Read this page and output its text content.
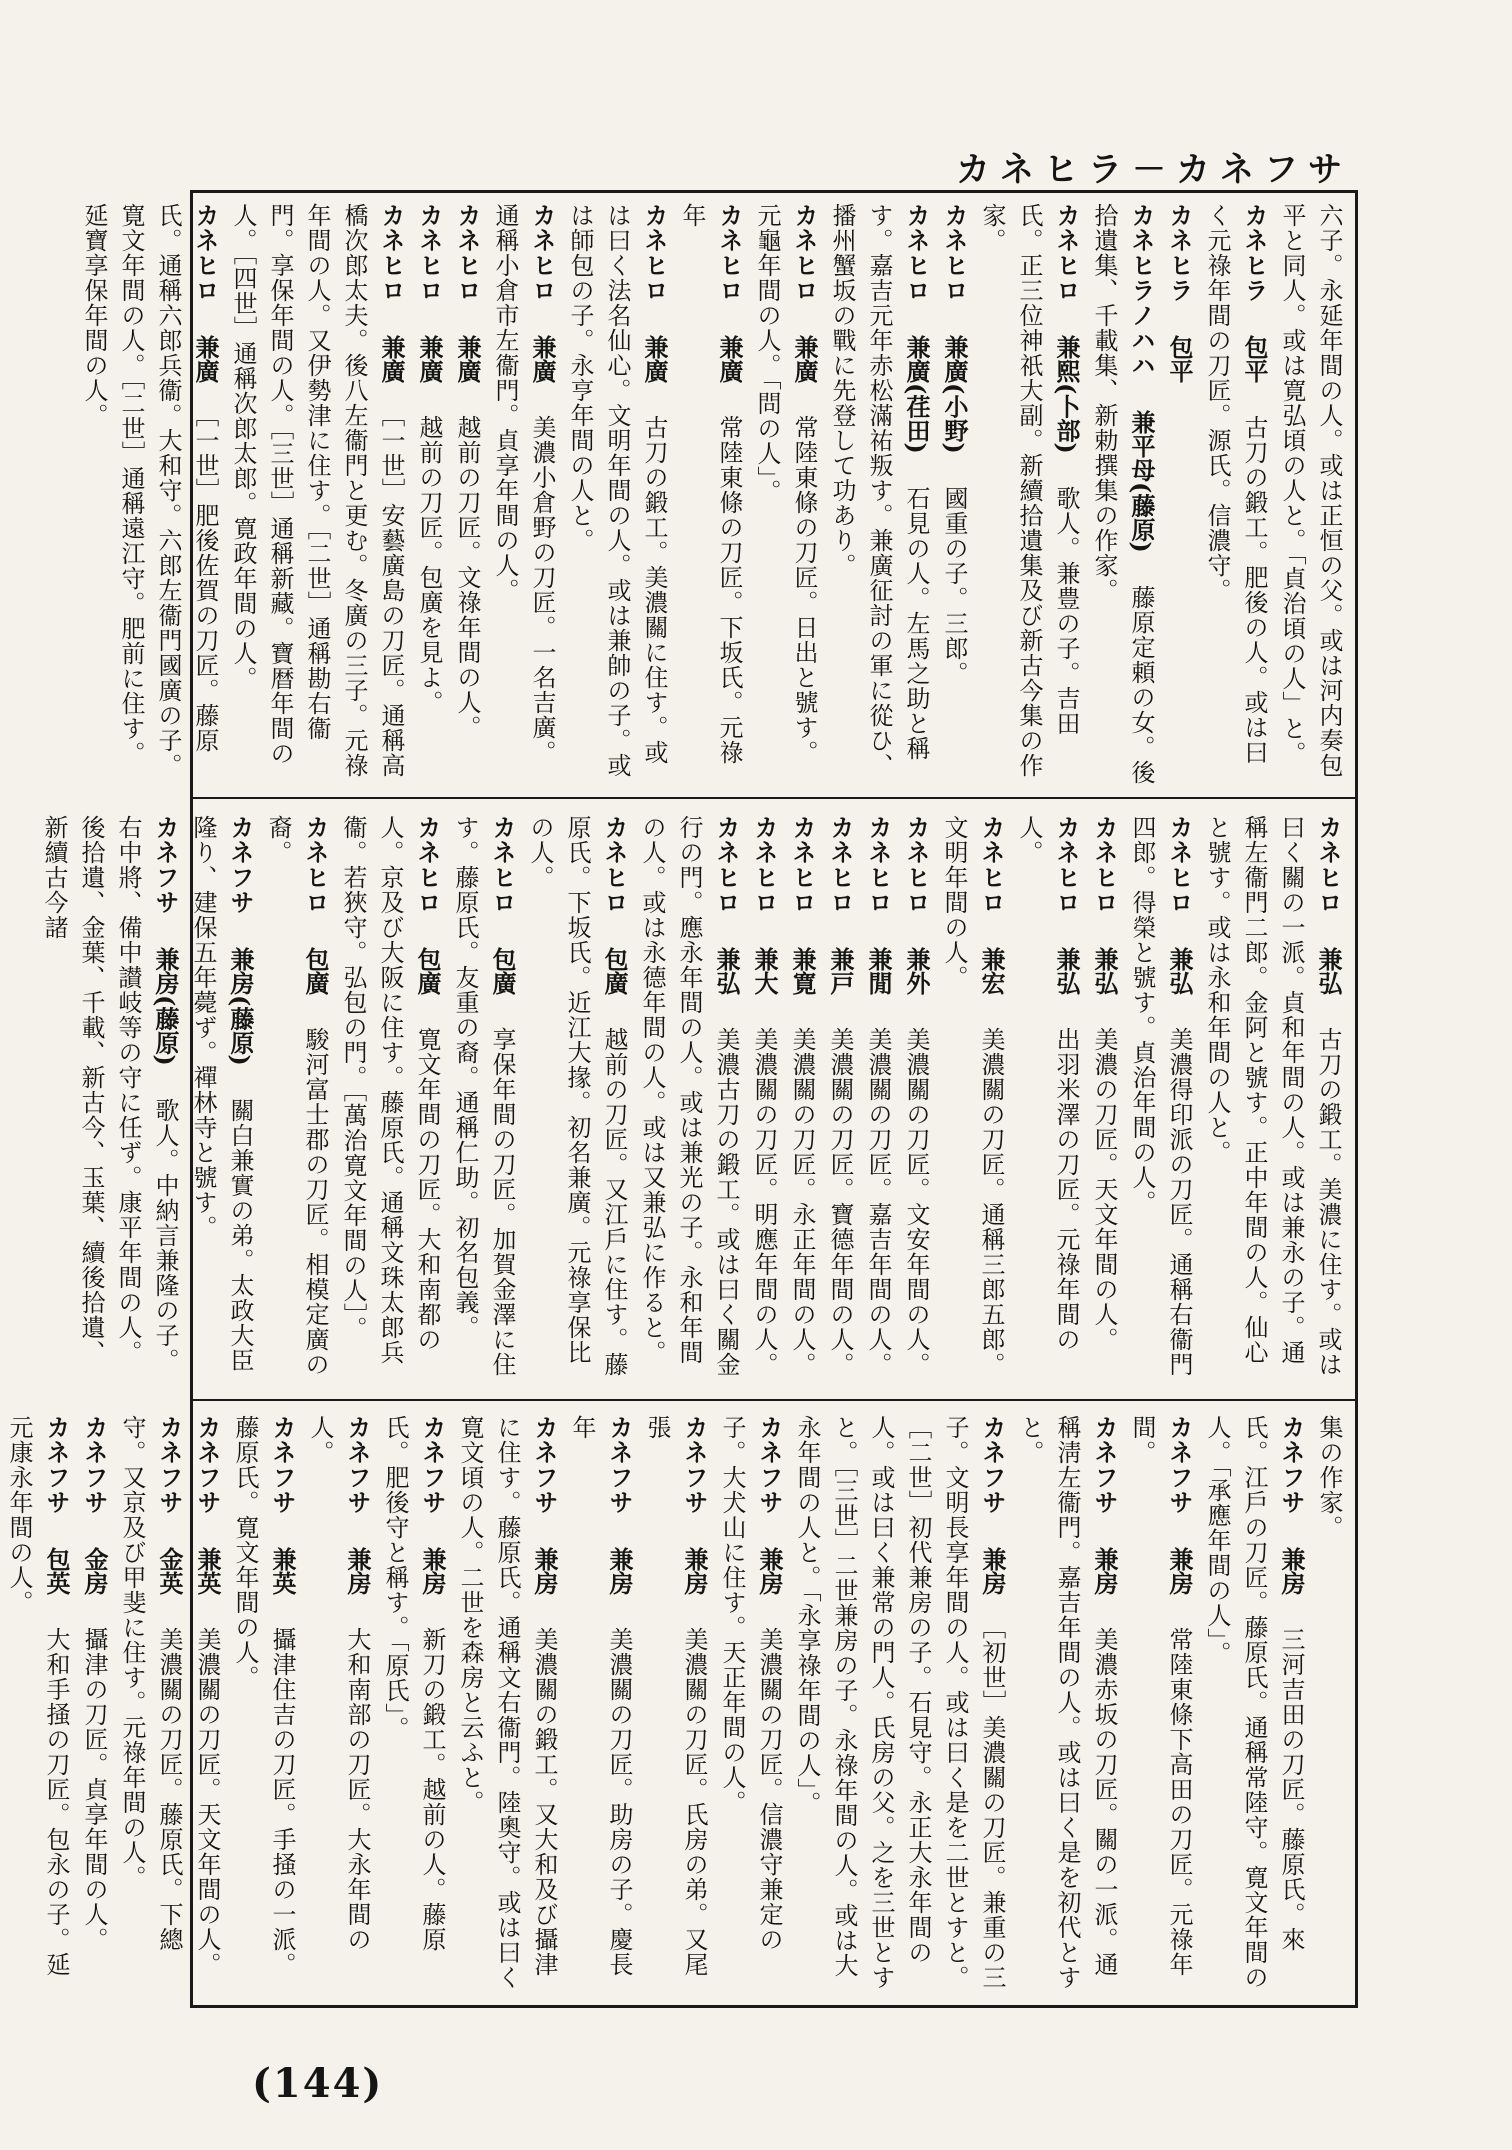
カネヒラ－カネフサ

六子。永延年間の人。或は正恒の父。或は河内奏包平と同人。或は寛弘頃の人と。「貞治頃の人」と。

カネヒラ　包平　古刀の鍛工。肥後の人。或は曰く元祿年間の刀匠。源氏。信濃守。

カネヒラ　包平　

カネヒラノハハ　兼平母(藤原)　藤原定頼の女。後拾遺集、千載集、新勅撰集の作家。

カネヒロ　兼熙(卜部)　歌人。兼豊の子。吉田氏。正三位神祇大副。新續拾遺集及び新古今集の作家。

カネヒロ　兼廣(小野)　國重の子。三郎。

カネヒロ　兼廣(荏田)　石見の人。左馬之助と稱す。嘉吉元年赤松滿祐叛す。兼廣征討の軍に從ひ、播州蟹坂の戰に先登して功あり。

カネヒロ　兼廣　常陸東條の刀匠。日出と號す。元龜年間の人。「問の人」。

カネヒロ　兼廣　常陸東條の刀匠。下坂氏。元祿年

カネヒロ　兼廣　古刀の鍛工。美濃關に住す。或は曰く法名仙心。文明年間の人。或は兼帥の子。或は師包の子。永亨年間の人と。

カネヒロ　兼廣　美濃小倉野の刀匠。一名吉廣。通稱小倉市左衞門。貞享年間の人。

カネヒロ　兼廣　越前の刀匠。文祿年間の人。

カネヒロ　兼廣　越前の刀匠。包廣を見よ。

カネヒロ　兼廣　［一世］安藝廣島の刀匠。通稱高橋次郎太夫。後八左衞門と更む。冬廣の三子。元祿年間の人。又伊勢津に住す。［二世］通稱勘右衞門。享保年間の人。［三世］通稱新藏。寶暦年間の人。［四世］通稱次郎太郎。寛政年間の人。

カネヒロ　兼廣　［一世］肥後佐賀の刀匠。藤原氏。通稱六郎兵衞。大和守。六郎左衞門國廣の子。寛文年間の人。［二世］通稱遠江守。肥前に住す。延寶享保年間の人。

カネヒロ　兼弘　古刀の鍛工。美濃に住す。或は曰く關の一派。貞和年間の人。或は兼永の子。通稱左衞門二郎。金阿と號す。正中年間の人。仙心と號す。或は永和年間の人と。

カネヒロ　兼弘　美濃得印派の刀匠。通稱右衞門四郎。得榮と號す。貞治年間の人。

カネヒロ　兼弘　美濃の刀匠。天文年間の人。

カネヒロ　兼弘　出羽米澤の刀匠。元祿年間の人。

カネヒロ　兼宏　美濃關の刀匠。通稱三郎五郎。文明年間の人。

カネヒロ　兼外　美濃關の刀匠。文安年間の人。

カネヒロ　兼閒　美濃關の刀匠。嘉吉年間の人。

カネヒロ　兼戸　美濃關の刀匠。寶德年間の人。

カネヒロ　兼寛　美濃關の刀匠。永正年間の人。

カネヒロ　兼大　美濃關の刀匠。明應年間の人。

カネヒロ　兼弘　美濃古刀の鍛工。或は曰く關金行の門。應永年間の人。或は兼光の子。永和年間の人。或は永德年間の人。或は又兼弘に作ると。

カネヒロ　包廣　越前の刀匠。又江戶に住す。藤原氏。下坂氏。近江大掾。初名兼廣。元祿享保比の人。

カネヒロ　包廣　享保年間の刀匠。加賀金澤に住す。藤原氏。友重の裔。通稱仁助。初名包義。

カネヒロ　包廣　寛文年間の刀匠。大和南都の人。京及び大阪に住す。藤原氏。通稱文珠太郎兵衞。若狹守。弘包の門。［萬治寛文年間の人］。

カネヒロ　包廣　駿河富士郡の刀匠。相模定廣の裔。

カネフサ　兼房(藤原)　關白兼實の弟。太政大臣隆り、建保五年薨ず。禪林寺と號す。

カネフサ　兼房(藤原)　歌人。中納言兼隆の子。右中將、備中讃岐等の守に任ず。康平年間の人。後拾遺、金葉、千載、新古今、玉葉、續後拾遺、新續古今諸

集の作家。

カネフサ　兼房　三河吉田の刀匠。藤原氏。來氏。江戶の刀匠。藤原氏。通稱常陸守。寛文年間の人。「承應年間の人」。

カネフサ　兼房　常陸東條下高田の刀匠。元祿年間。

カネフサ　兼房　美濃赤坂の刀匠。關の一派。通稱淸左衞門。嘉吉年間の人。或は曰く是を初代とすと。

カネフサ　兼房　［初世］美濃關の刀匠。兼重の三子。文明長享年間の人。或は曰く是を二世とすと。［二世］初代兼房の子。石見守。永正大永年間の人。或は曰く兼常の門人。氏房の父。之を三世とすと。［三世］二世兼房の子。永祿年間の人。或は大永年間の人と。「永享祿年間の人」。

カネフサ　兼房　美濃關の刀匠。信濃守兼定の子。大犬山に住す。天正年間の人。

カネフサ　兼房　美濃關の刀匠。氏房の弟。又尾張

カネフサ　兼房　美濃關の刀匠。助房の子。慶長年

カネフサ　兼房　美濃關の鍛工。又大和及び攝津に住す。藤原氏。通稱文右衞門。陸奧守。或は曰く寛文頃の人。二世を森房と云ふと。

カネフサ　兼房　新刀の鍛工。越前の人。藤原氏。肥後守と稱す。「原氏」。

カネフサ　兼房　大和南部の刀匠。大永年間の人。

カネフサ　兼英　攝津住吉の刀匠。手掻の一派。藤原氏。寛文年間の人。

カネフサ　兼英　美濃關の刀匠。天文年間の人。

カネフサ　金英　美濃關の刀匠。藤原氏。下總守。又京及び甲斐に住す。元祿年間の人。

カネフサ　金房　攝津の刀匠。貞享年間の人。

カネフサ　包英　大和手掻の刀匠。包永の子。延元康永年間の人。

(144)
